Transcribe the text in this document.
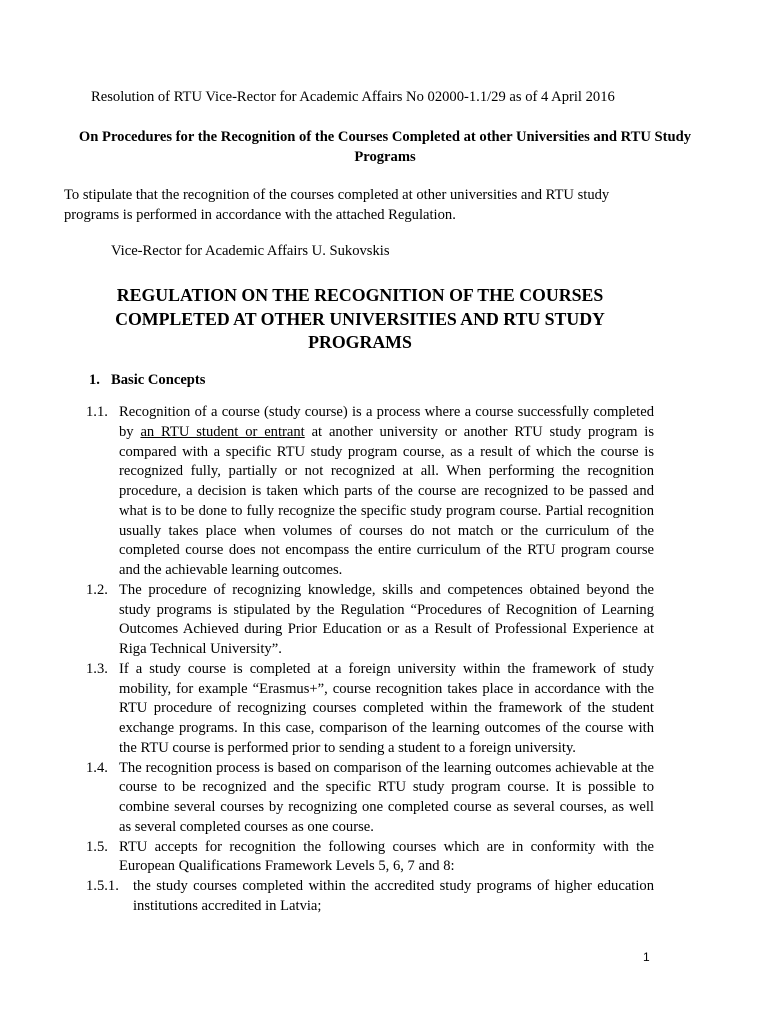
Resolution of RTU Vice-Rector for Academic Affairs No 02000-1.1/29 as of 4 April 2016
On Procedures for the Recognition of the Courses Completed at other Universities and RTU Study Programs
To stipulate that the recognition of the courses completed at other universities and RTU study programs is performed in accordance with the attached Regulation.
Vice-Rector for Academic Affairs U. Sukovskis
REGULATION ON THE RECOGNITION OF THE COURSES COMPLETED AT OTHER UNIVERSITIES AND RTU STUDY PROGRAMS
1. Basic Concepts
1.1. Recognition of a course (study course) is a process where a course successfully completed by an RTU student or entrant at another university or another RTU study program is compared with a specific RTU study program course, as a result of which the course is recognized fully, partially or not recognized at all. When performing the recognition procedure, a decision is taken which parts of the course are recognized to be passed and what is to be done to fully recognize the specific study program course. Partial recognition usually takes place when volumes of courses do not match or the curriculum of the completed course does not encompass the entire curriculum of the RTU program course and the achievable learning outcomes.
1.2. The procedure of recognizing knowledge, skills and competences obtained beyond the study programs is stipulated by the Regulation “Procedures of Recognition of Learning Outcomes Achieved during Prior Education or as a Result of Professional Experience at Riga Technical University”.
1.3. If a study course is completed at a foreign university within the framework of study mobility, for example “Erasmus+”, course recognition takes place in accordance with the RTU procedure of recognizing courses completed within the framework of the student exchange programs. In this case, comparison of the learning outcomes of the course with the RTU course is performed prior to sending a student to a foreign university.
1.4. The recognition process is based on comparison of the learning outcomes achievable at the course to be recognized and the specific RTU study program course. It is possible to combine several courses by recognizing one completed course as several courses, as well as several completed courses as one course.
1.5. RTU accepts for recognition the following courses which are in conformity with the European Qualifications Framework Levels 5, 6, 7 and 8:
1.5.1. the study courses completed within the accredited study programs of higher education institutions accredited in Latvia;
1
